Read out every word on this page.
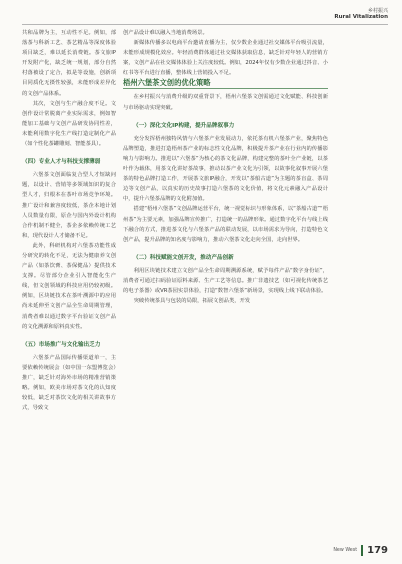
乡村振兴
Rural Vitalization

共和品牌为主，互动性不足。例如，部落茶与科新工艺、茶艺精品等深度体验项目缺乏，难以延长消费链。茶文旅IP开发附产化，缺乏统一规划，部分自然村落被设了定合，拟是等设施，创新项目同质化无摄性较强，未能形成差异化的文创产品体系。

其次，文创与生产融合度不足。文创作设计常脱离产业实际需求，例如智能加工基础与文创产品研发协同性差，未能利用数字化生产线打造定制化产品（如个性化茶罐雕刻、智能茶具）。

（四）专业人才与科技支撑薄弱

六堡茶文创面临复合型人才短缺问题，以设计、营销等多领域知识的复合型人才，归根本在茶叶市场竞争环境。推广设计和兼容度较低，茶企本地计划人员数量有限，原企与国内外设计机构合作机制不健全，茶企多依赖传统工艺和，现代设计人才储备不足。

此外，科研机构对六堡茶功能性成分研究的转化不足，无法为健康养文创产品（如茶饮膏、茶保健品）提供技术支撑。尽管部分企业引入智能化生产线，但文创领域的科技应用仍较初级。例如，区块链技术在茶叶溯源中的应用尚未延伸至文创产品全生命周期管理，消费者难以通过数字平台验证文创产品的文化溯源和原料真实性。

（五）市场推广与文化输出乏力

六堡茶产品国际传播渠道单一，主要依赖传统展会（如中国一东盟博览会）推广，缺乏针对海外市场的精准营销策略。例如，欧美市场对茶文化的认知度较低，缺乏对茶饮文化的相关讲故事方式，导致文

创产品设计难以融入当地消费场景。

新媒体传播多以电商平台邀请直播为主，仅少数企业通过社交媒体平台吸引流量，未能形成规模化效应。年轻消费群体通过社交媒体获取信息，缺乏针对年轻人的营销方案，文创产品在社交媒体体验上关注度较低。例如，2024年仅有少数企业通过抖音、小红书等平台进行直播，整体线上营销投入不足。

梧州六堡茶文创的优化策略

在乡村振兴与消费升级的双重背景下，梧州六堡茶文创需通过文化赋能、科技创新与市场驱动实现突破。

（一）深化文化IP构建，提升品牌叙事力

充分发挥梧州独特风情与六堡茶产业发展动力，依托茶有机六堡茶产业，聚焦特色品牌塑造，推进打造梧州茶产业的标志性文化品牌，积极提升茶产业在行业内的传播影响力与影响力。推进以“六堡茶”为核心的茶文化品牌，构建完整的茶叶全产业链，以茶叶作为载体，用茶文化讲好茶故事，推动以茶产业文化为引领，以故事化叙事开展六堡茶的特色品牌打造工作，开展茶文旅IP融合，开发以“茶船古道”为主题的茶盲盒、茶周边等文创产品，以真实的历史故事打造六堡茶的文化价值，将文化元素融入产品设计中，提升六堡茶品牌的文化附加值。

搭建“梧州六堡茶”文创品牌运营平台，统一视觉标识与形象体系，以“茶船古道”“梧州茶”为主要元素，加强品牌宣传推广，打造统一的品牌形象。通过数字化平台与线上线下融合的方式，推进茶文化与六堡茶产品的联动发展，以市场需求为导向，打造特色文创产品，提升品牌的知名度与影响力，推动六堡茶文化走向全国，走向世界。

（二）科技赋能文创开发，推动产品创新

利用区块链技术建立文创产品全生命周期溯源系统，赋予每件产品“数字身份证”，消费者可通过扫码验证原料来源、生产工艺等信息。推广非遗技艺（如可视化传统茶艺的电子茶器）或VR茶园实景体验，打造“数智六堡茶”新场景，实现线上线下联动体验。

突破传统茶具与包装的局限，拓展文创品类，开发

New West 179
